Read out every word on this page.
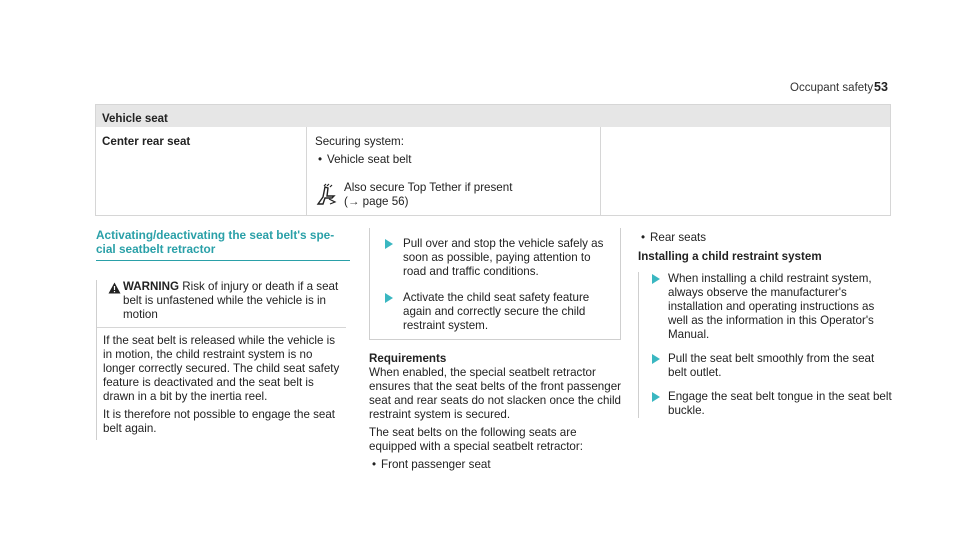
Occupant safety 53
Vehicle seat
Center rear seat	Securing system:
• Vehicle seat belt
Also secure Top Tether if present
(→ page 56)
Activating/deactivating the seat belt's spe-
cial seatbelt retractor
WARNING Risk of injury or death if a seat belt is unfastened while the vehicle is in motion

If the seat belt is released while the vehicle is in motion, the child restraint system is no longer correctly secured. The child seat safety feature is deactivated and the seat belt is drawn in a bit by the inertia reel.

It is therefore not possible to engage the seat belt again.

Pull over and stop the vehicle safely as soon as possible, paying attention to road and traffic conditions.
Activate the child seat safety feature again and correctly secure the child restraint system.
Requirements

When enabled, the special seatbelt retractor ensures that the seat belts of the front passenger seat and rear seats do not slacken once the child restraint system is secured.

The seat belts on the following seats are equipped with a special seatbelt retractor:

• Front passenger seat
• Rear seats
Installing a child restraint system
When installing a child restraint system, always observe the manufacturer's installation and operating instructions as well as the information in this Operator's Manual.
Pull the seat belt smoothly from the seat belt outlet.
Engage the seat belt tongue in the seat belt buckle.
